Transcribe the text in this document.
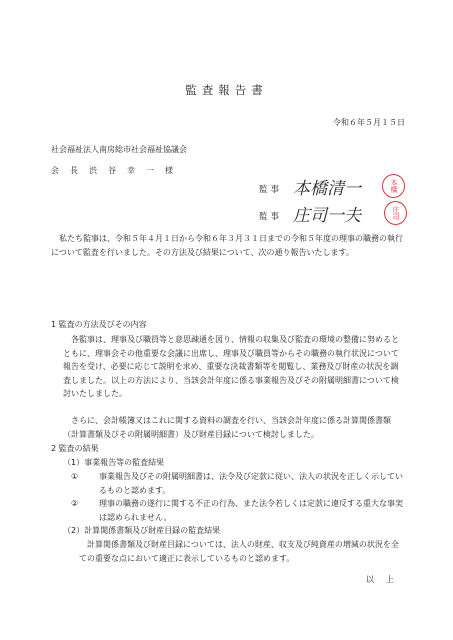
監査報告書
令和６年５月１５日
社会福祉法人南房総市社会福祉協議会
会長渋谷幸一様
監事 本橋清一	本橋
監事 庄司一夫	庄司
私たち監事は、令和５年４月１日から令和６年３月３１日までの令和５年度の理事の職務の執行について監査を行いました。その方法及び結果について、次の通り報告いたします。
1 監査の方法及びその内容
各監事は、理事及び職員等と意思疎通を図り、情報の収集及び監査の環境の整備に努めるとともに、理事会その他重要な会議に出席し、理事及び職員等からその職務の執行状況について報告を受け、必要に応じて説明を求め、重要な決裁書類等を閲覧し、業務及び財産の状況を調査しました。以上の方法により、当該会計年度に係る事業報告及びその附属明細書について検討いたしました。
さらに、会計帳簿又はこれに関する資料の調査を行い、当該会計年度に係る計算関係書類（計算書類及びその附属明細書）及び財産目録について検討しました。
2 監査の結果
（1）事業報告等の監査結果
①	事業報告及びその附属明細書は、法令及び定款に従い、法人の状況を正しく示しているものと認めます。
②	理事の職務の遂行に関する不正の行為、また法令若しくは定款に違反する重大な事実は認められません。
（2）計算関係書類及び財産目録の監査結果
計算関係書類及び財産目録については、法人の財産、収支及び純資産の増減の状況を全ての重要な点において適正に表示しているものと認めます。
以上
